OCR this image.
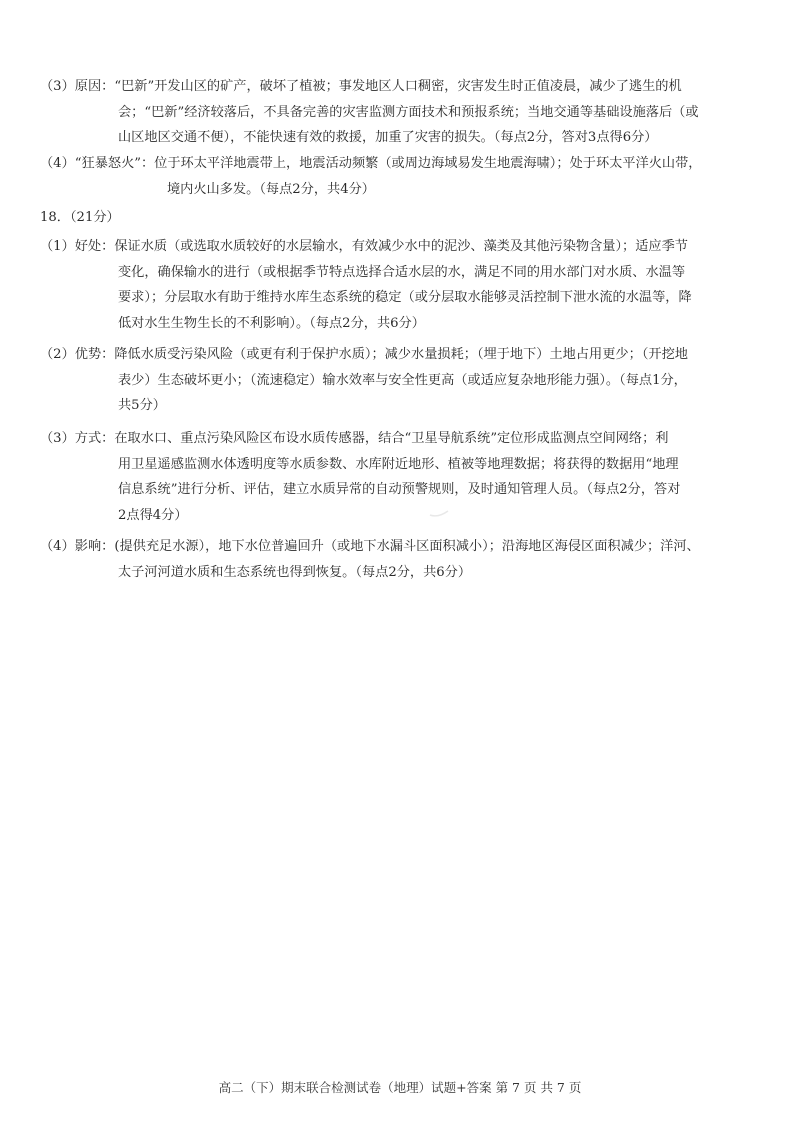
（3）原因：“巴新”开发山区的矿产，破坏了植被；事发地区人口稠密，灾害发生时正值凌晨，减少了逃生的机
会；“巴新”经济较落后，不具备完善的灾害监测方面技术和预报系统；当地交通等基础设施落后（或
山区地区交通不便），不能快速有效的救援，加重了灾害的损失。（每点2分，答对3点得6分）
（4）“狂暴怒火”：位于环太平洋地震带上，地震活动频繁（或周边海域易发生地震海啸）；处于环太平洋火山带，
境内火山多发。（每点2分，共4分）
18．（21分）
（1）好处：保证水质（或选取水质较好的水层输水，有效减少水中的泥沙、藻类及其他污染物含量）；适应季节
变化，确保输水的进行（或根据季节特点选择合适水层的水，满足不同的用水部门对水质、水温等
要求）；分层取水有助于维持水库生态系统的稳定（或分层取水能够灵活控制下泄水流的水温等，降
低对水生生物生长的不利影响）。（每点2分，共6分）
（2）优势：降低水质受污染风险（或更有利于保护水质）；减少水量损耗；（埋于地下）土地占用更少；（开挖地
表少）生态破坏更小；（流速稳定）输水效率与安全性更高（或适应复杂地形能力强）。（每点1分，
共5分）
（3）方式：在取水口、重点污染风险区布设水质传感器，结合“卫星导航系统”定位形成监测点空间网络；利
用卫星遥感监测水体透明度等水质参数、水库附近地形、植被等地理数据；将获得的数据用“地理
信息系统”进行分析、评估，建立水质异常的自动预警规则，及时通知管理人员。（每点2分，答对
2点得4分）
（4）影响：(提供充足水源），地下水位普遍回升（或地下水漏斗区面积减小）；沿海地区海侵区面积减少；洋河、
太子河河道水质和生态系统也得到恢复。（每点2分，共6分）
高二（下）期末联合检测试卷（地理）试题+答案 第 7 页 共 7 页
